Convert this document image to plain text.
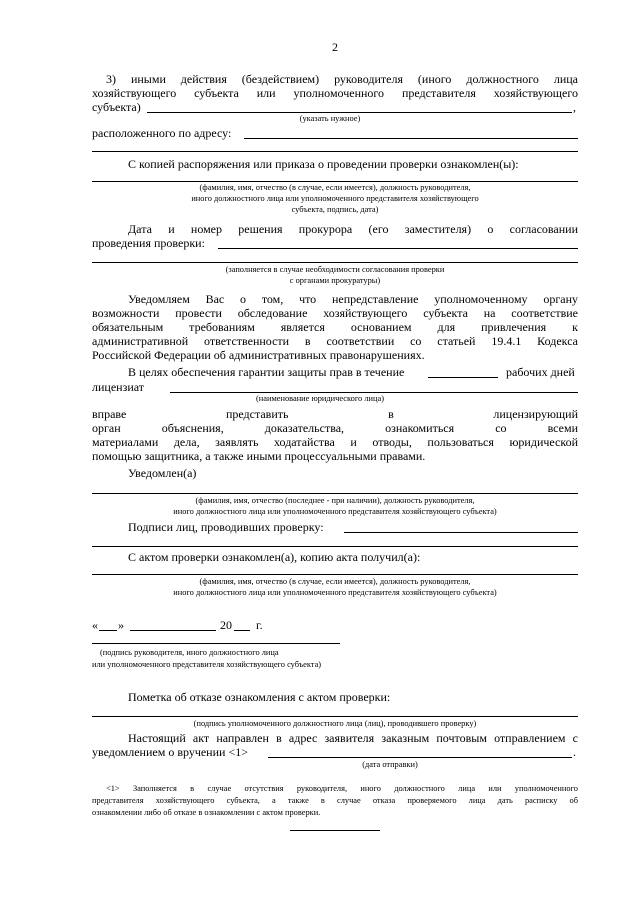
2
3) иными действия (бездействием) руководителя (иного должностного лица
хозяйствующего субъекта или уполномоченного представителя хозяйствующего
субъекта)	,
(указать нужное)
расположенного по адресу:
С копией распоряжения или приказа о проведении проверки ознакомлен(ы):
(фамилия, имя, отчество (в случае, если имеется), должность руководителя,
иного должностного лица или уполномоченного представителя хозяйствующего
субъекта, подпись, дата)
Дата и номер решения прокурора (его заместителя) о согласовании
проведения проверки:
(заполняется в случае необходимости согласования проверки
с органами прокуратуры)
Уведомляем Вас о том, что непредставление уполномоченному органу
возможности провести обследование хозяйствующего субъекта на соответствие
обязательным требованиям является основанием для привлечения к
административной ответственности в соответствии со статьей 19.4.1 Кодекса
Российской Федерации об административных правонарушениях.
В целях обеспечения гарантии защиты прав в течение	рабочих дней
лицензиат
(наименование юридического лица)
вправе представить в лицензирующий
орган объяснения, доказательства, ознакомиться со всеми
материалами дела, заявлять ходатайства и отводы, пользоваться юридической
помощью защитника, а также иными процессуальными правами.
Уведомлен(а)
(фамилия, имя, отчество (последнее - при наличии), должность руководителя,
иного должностного лица или уполномоченного представителя хозяйствующего субъекта)
Подписи лиц, проводивших проверку:
С актом проверки ознакомлен(а), копию акта получил(а):
(фамилия, имя, отчество (в случае, если имеется), должность руководителя,
иного должностного лица или уполномоченного представителя хозяйствующего субъекта)
« »	20 г.
(подпись руководителя, иного должностного лица
или уполномоченного представителя хозяйствующего субъекта)
Пометка об отказе ознакомления с актом проверки:
(подпись уполномоченного должностного лица (лиц), проводившего проверку)
Настоящий акт направлен в адрес заявителя заказным почтовым отправлением с
уведомлением о вручении <1>	.
(дата отправки)
<1> Заполняется в случае отсутствия руководителя, иного должностного лица или уполномоченного
представителя хозяйствующего субъекта, а также в случае отказа проверяемого лица дать расписку об
ознакомлении либо об отказе в ознакомлении с актом проверки.
